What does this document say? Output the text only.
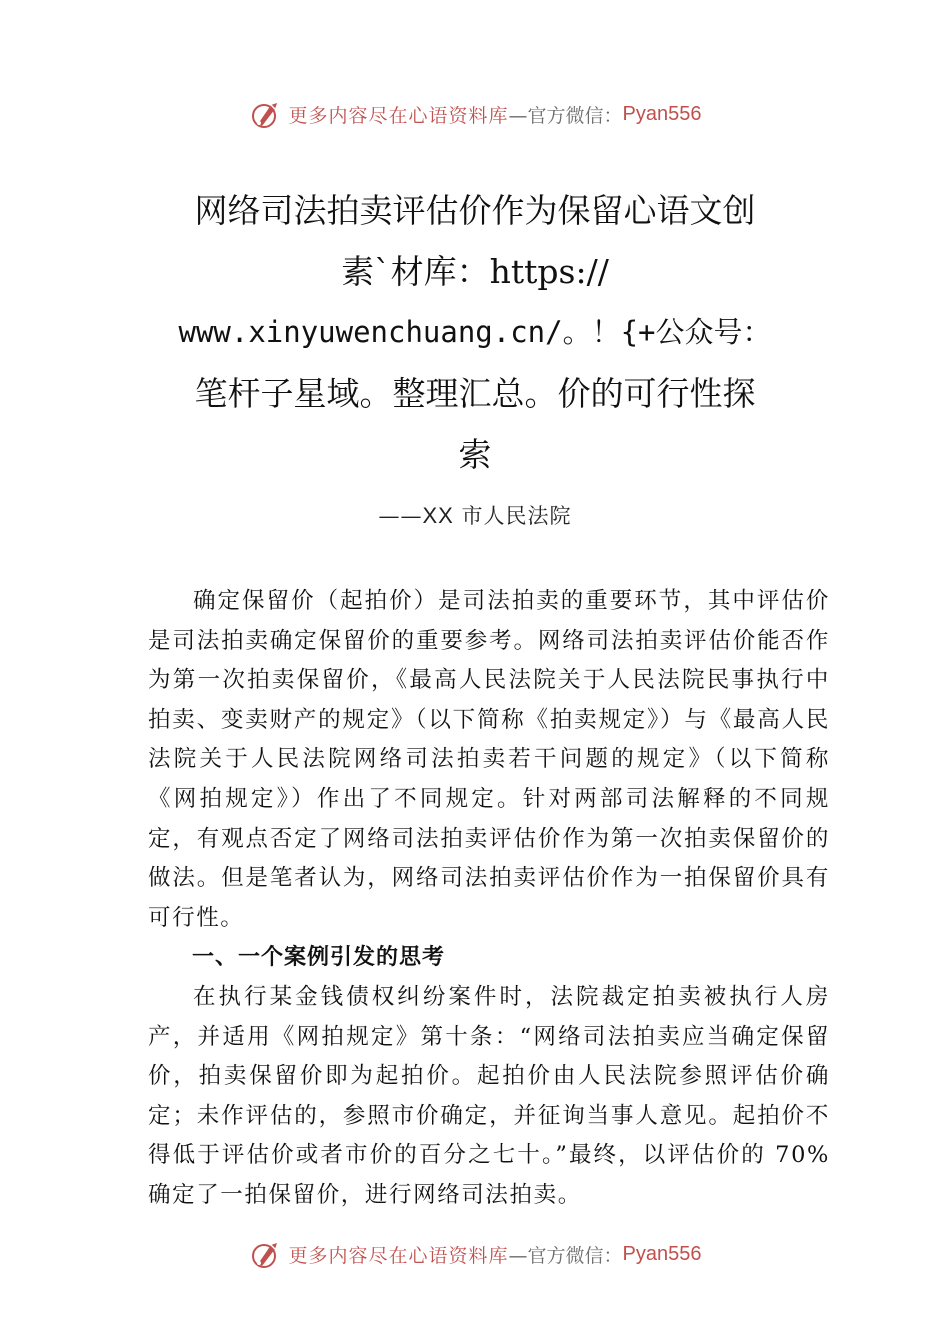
更多内容尽在心语资料库 —官方微信： Pyan556
网络司法拍卖评估价作为保留心语文创
素`材库：https://
www.xinyuwenchuang.cn/。！{+公众号：
笔杆子星域。整理汇总。价的可行性探
索
——XX 市人民法院

确定保留价（起拍价）是司法拍卖的重要环节，其中评估价是司法拍卖确定保留价的重要参考。网络司法拍卖评估价能否作为第一次拍卖保留价，《最高人民法院关于人民法院民事执行中拍卖、变卖财产的规定》（以下简称《拍卖规定》）与《最高人民法院关于人民法院网络司法拍卖若干问题的规定》（以下简称《网拍规定》）作出了不同规定。针对两部司法解释的不同规定，有观点否定了网络司法拍卖评估价作为第一次拍卖保留价的做法。但是笔者认为，网络司法拍卖评估价作为一拍保留价具有可行性。

一、一个案例引发的思考

在执行某金钱债权纠纷案件时，法院裁定拍卖被执行人房产，并适用《网拍规定》第十条：“网络司法拍卖应当确定保留价，拍卖保留价即为起拍价。起拍价由人民法院参照评估价确定；未作评估的，参照市价确定，并征询当事人意见。起拍价不得低于评估价或者市价的百分之七十。”最终，以评估价的 70%确定了一拍保留价，进行网络司法拍卖。

更多内容尽在心语资料库 —官方微信： Pyan556
